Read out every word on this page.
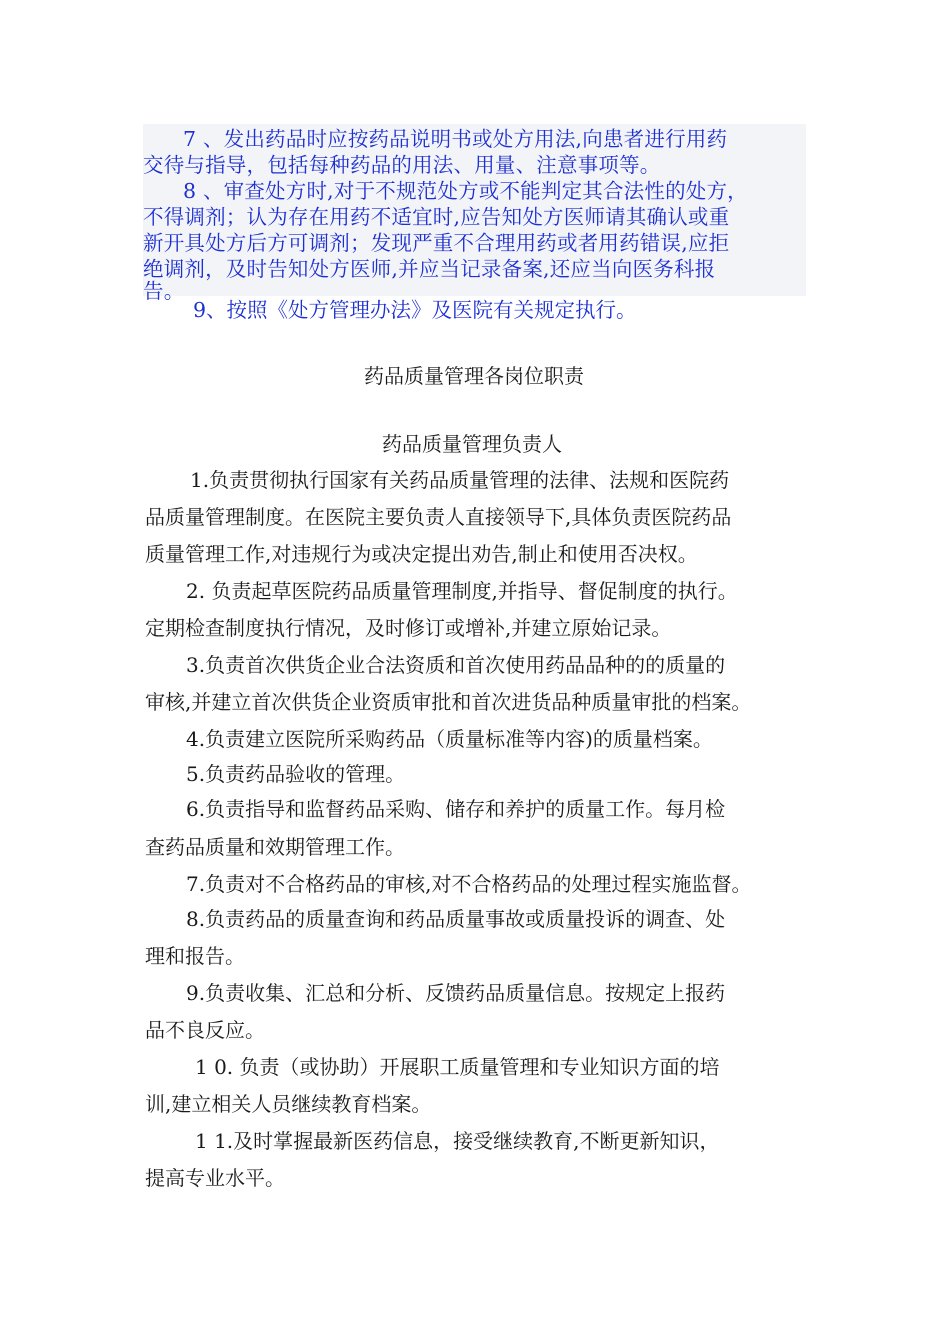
7 、发出药品时应按药品说明书或处方用法,向患者进行用药
交待与指导，包括每种药品的用法、用量、注意事项等。
8 、审查处方时,对于不规范处方或不能判定其合法性的处方，
不得调剂；认为存在用药不适宜时,应告知处方医师请其确认或重
新开具处方后方可调剂；发现严重不合理用药或者用药错误,应拒
绝调剂，及时告知处方医师,并应当记录备案,还应当向医务科报
告。
9、按照《处方管理办法》及医院有关规定执行。
药品质量管理各岗位职责
药品质量管理负责人
1.负责贯彻执行国家有关药品质量管理的法律、法规和医院药
品质量管理制度。在医院主要负责人直接领导下,具体负责医院药品
质量管理工作,对违规行为或决定提出劝告,制止和使用否决权。
2. 负责起草医院药品质量管理制度,并指导、督促制度的执行。
定期检查制度执行情况，及时修订或增补,并建立原始记录。
3.负责首次供货企业合法资质和首次使用药品品种的的质量的
审核,并建立首次供货企业资质审批和首次进货品种质量审批的档案。
4.负责建立医院所采购药品（质量标准等内容)的质量档案。
5.负责药品验收的管理。
6.负责指导和监督药品采购、储存和养护的质量工作。每月检
查药品质量和效期管理工作。
7.负责对不合格药品的审核,对不合格药品的处理过程实施监督。
8.负责药品的质量查询和药品质量事故或质量投诉的调查、处
理和报告。
9.负责收集、汇总和分析、反馈药品质量信息。按规定上报药
品不良反应。
1 0. 负责（或协助）开展职工质量管理和专业知识方面的培
训,建立相关人员继续教育档案。
1 1.及时掌握最新医药信息，接受继续教育,不断更新知识，
提高专业水平。
